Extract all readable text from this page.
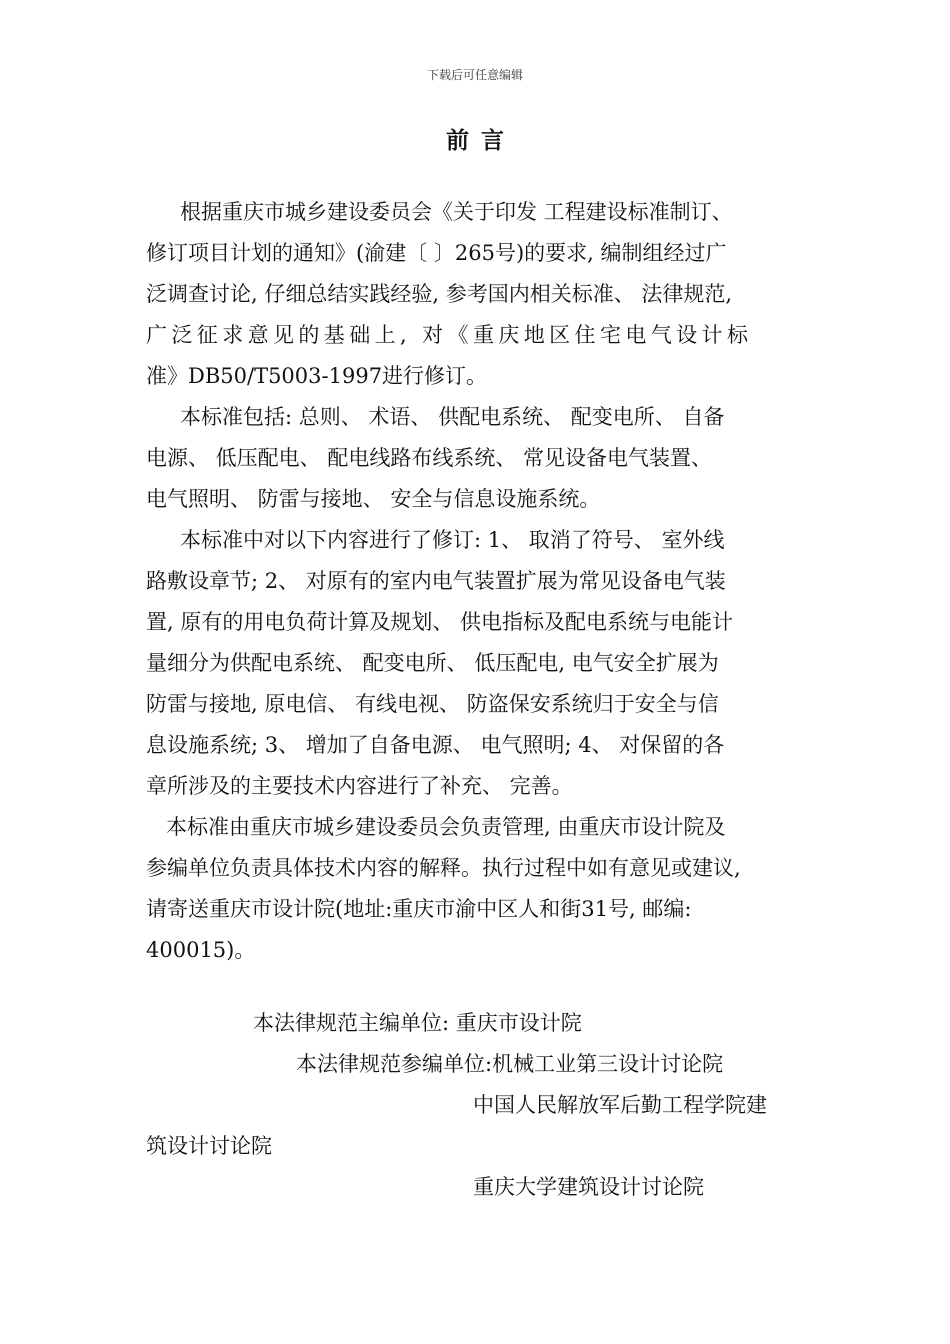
下载后可任意编辑
前言
根据重庆市城乡建设委员会《关于印发 工程建设标准制订、
修订项目计划的通知》(渝建〔 〕265号)的要求, 编制组经过广
泛调查讨论, 仔细总结实践经验, 参考国内相关标准、 法律规范,
广泛征求意见的基础上, 对《重庆地区住宅电气设计标
准》DB50/T5003-1997进行修订。
本标准包括: 总则、 术语、 供配电系统、 配变电所、 自备
电源、 低压配电、 配电线路布线系统、 常见设备电气装置、
电气照明、 防雷与接地、 安全与信息设施系统。
本标准中对以下内容进行了修订: 1、 取消了符号、 室外线
路敷设章节; 2、 对原有的室内电气装置扩展为常见设备电气装
置, 原有的用电负荷计算及规划、 供电指标及配电系统与电能计
量细分为供配电系统、 配变电所、 低压配电, 电气安全扩展为
防雷与接地, 原电信、 有线电视、 防盗保安系统归于安全与信
息设施系统; 3、 增加了自备电源、 电气照明; 4、 对保留的各
章所涉及的主要技术内容进行了补充、 完善。
本标准由重庆市城乡建设委员会负责管理, 由重庆市设计院及
参编单位负责具体技术内容的解释。执行过程中如有意见或建议,
请寄送重庆市设计院(地址:重庆市渝中区人和街31号, 邮编:
400015)。
本法律规范主编单位: 重庆市设计院
本法律规范参编单位:机械工业第三设计讨论院
中国人民解放军后勤工程学院建
筑设计讨论院
重庆大学建筑设计讨论院
